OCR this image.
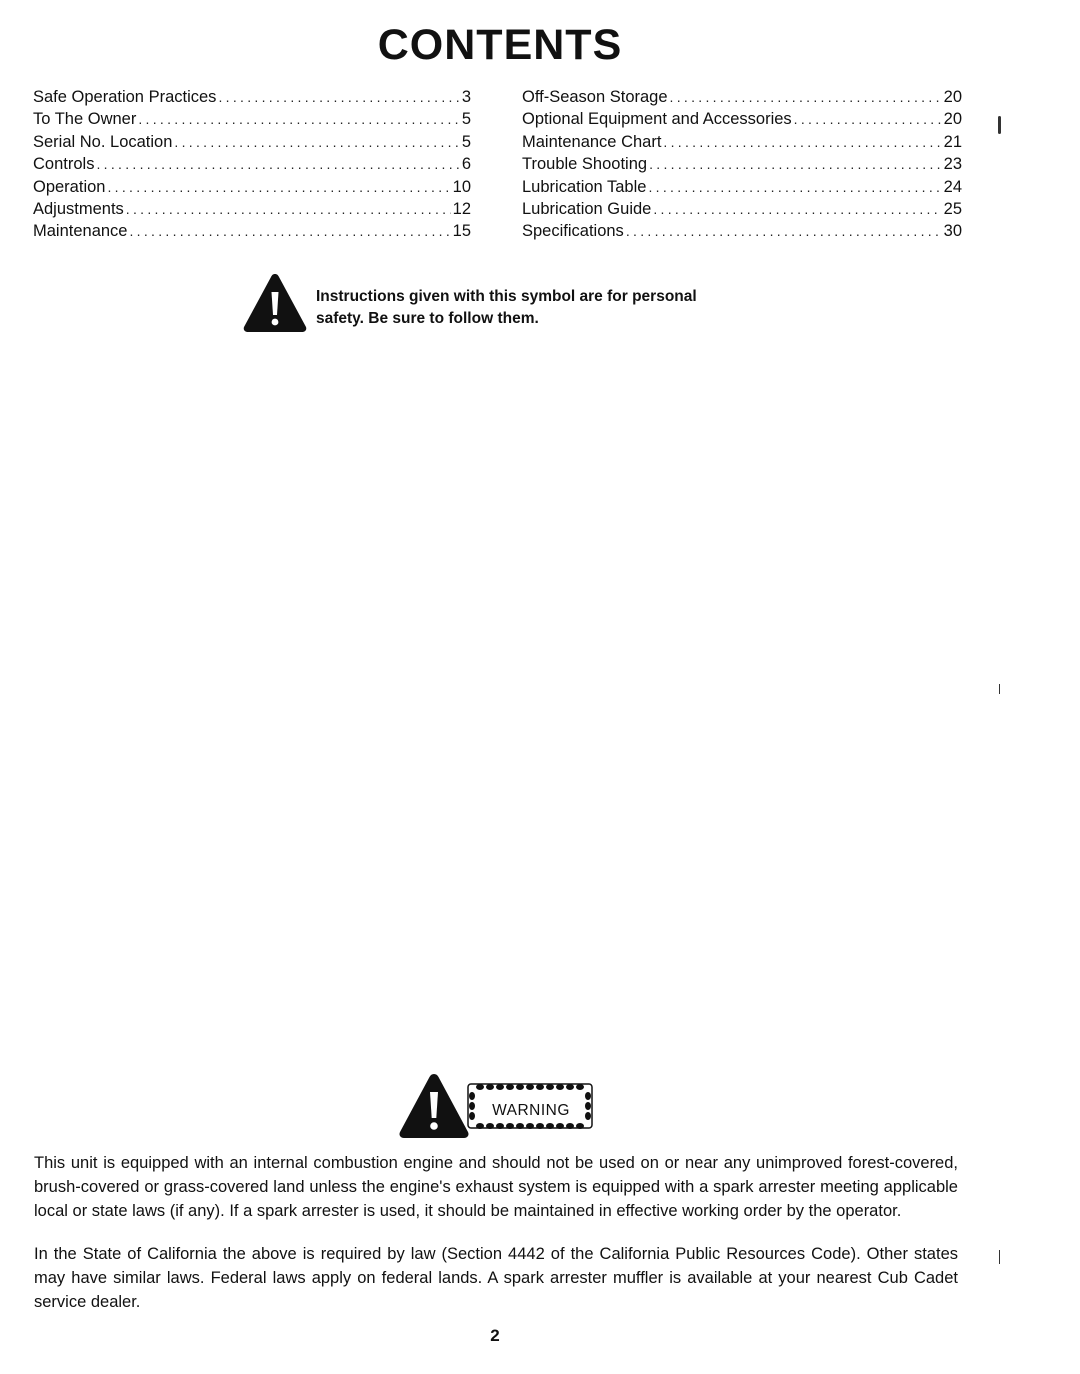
CONTENTS
Safe Operation Practices .....	3
To The Owner .....	5
Serial No. Location .....	5
Controls .....	6
Operation .....	10
Adjustments .....	12
Maintenance .....	15
Off-Season Storage .....	20
Optional Equipment and Accessories .....	20
Maintenance Chart .....	21
Trouble Shooting .....	23
Lubrication Table .....	24
Lubrication Guide .....	25
Specifications .....	30
Instructions given with this symbol are for personal
safety. Be sure to follow them.
WARNING

This unit is equipped with an internal combustion engine and should not be used on or near any unimproved forest-covered, brush-covered or grass-covered land unless the engine's exhaust system is equipped with a spark arrester meeting applicable local or state laws (if any). If a spark arrester is used, it should be maintained in effective working order by the operator.

In the State of California the above is required by law (Section 4442 of the California Public Resources Code). Other states may have similar laws. Federal laws apply on federal lands. A spark arrester muffler is available at your nearest Cub Cadet service dealer.

2
